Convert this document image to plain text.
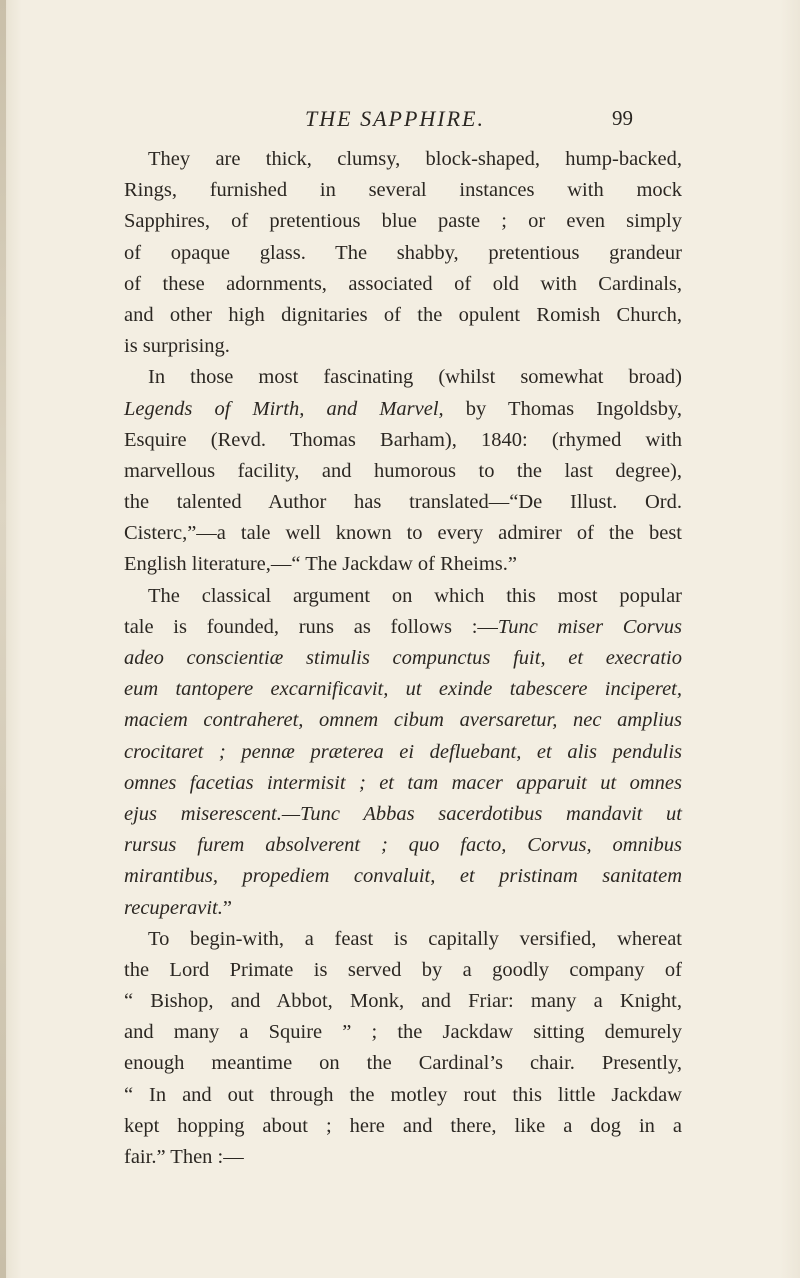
THE SAPPHIRE.	99
They are thick, clumsy, block-shaped, hump-backed,
Rings, furnished in several instances with mock
Sapphires, of pretentious blue paste ; or even simply
of opaque glass. The shabby, pretentious grandeur
of these adornments, associated of old with Cardinals,
and other high dignitaries of the opulent Romish Church,
is surprising.
In those most fascinating (whilst somewhat broad)
Legends of Mirth, and Marvel, by Thomas Ingoldsby,
Esquire (Revd. Thomas Barham), 1840: (rhymed with
marvellous facility, and humorous to the last degree),
the talented Author has translated—“De Illust. Ord.
Cisterc,”—a tale well known to every admirer of the best
English literature,—“ The Jackdaw of Rheims.”
The classical argument on which this most popular
tale is founded, runs as follows :—Tunc miser Corvus
adeo conscientiæ stimulis compunctus fuit, et execratio
eum tantopere excarnificavit, ut exinde tabescere inciperet,
maciem contraheret, omnem cibum aversaretur, nec amplius
crocitaret ; pennæ præterea ei defluebant, et alis pendulis
omnes facetias intermisit ; et tam macer apparuit ut omnes
ejus miserescent.—Tunc Abbas sacerdotibus mandavit ut
rursus furem absolverent ; quo facto, Corvus, omnibus
mirantibus, propediem convaluit, et pristinam sanitatem
recuperavit.”
To begin-with, a feast is capitally versified, whereat
the Lord Primate is served by a goodly company of
“ Bishop, and Abbot, Monk, and Friar: many a Knight,
and many a Squire ” ; the Jackdaw sitting demurely
enough meantime on the Cardinal’s chair. Presently,
“ In and out through the motley rout this little Jackdaw
kept hopping about ; here and there, like a dog in a
fair.” Then :—
